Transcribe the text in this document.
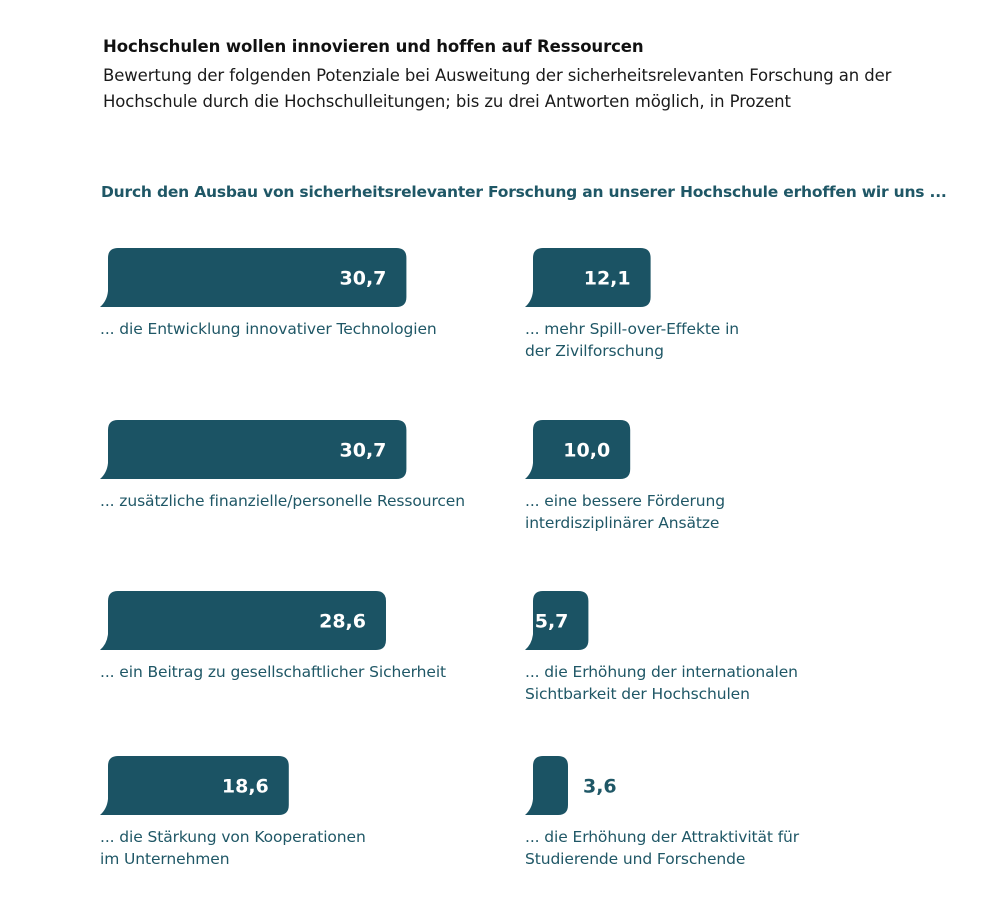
Hochschulen wollen innovieren und hoffen auf Ressourcen
Bewertung der folgenden Potenziale bei Ausweitung der sicherheitsrelevanten Forschung an der Hochschule durch die Hochschulleitungen; bis zu drei Antworten möglich, in Prozent
Durch den Ausbau von sicherheitsrelevanter Forschung an unserer Hochschule erhoffen wir uns ...
30,7
... die Entwicklung innovativer Technologien
30,7
... zusätzliche finanzielle/personelle Ressourcen
28,6
... ein Beitrag zu gesellschaftlicher Sicherheit
18,6
... die Stärkung von Kooperationen
im Unternehmen
12,1
... mehr Spill-over-Effekte in
der Zivilforschung
10,0
... eine bessere Förderung
interdisziplinärer Ansätze
5,7
... die Erhöhung der internationalen
Sichtbarkeit der Hochschulen
3,6
... die Erhöhung der Attraktivität für
Studierende und Forschende
